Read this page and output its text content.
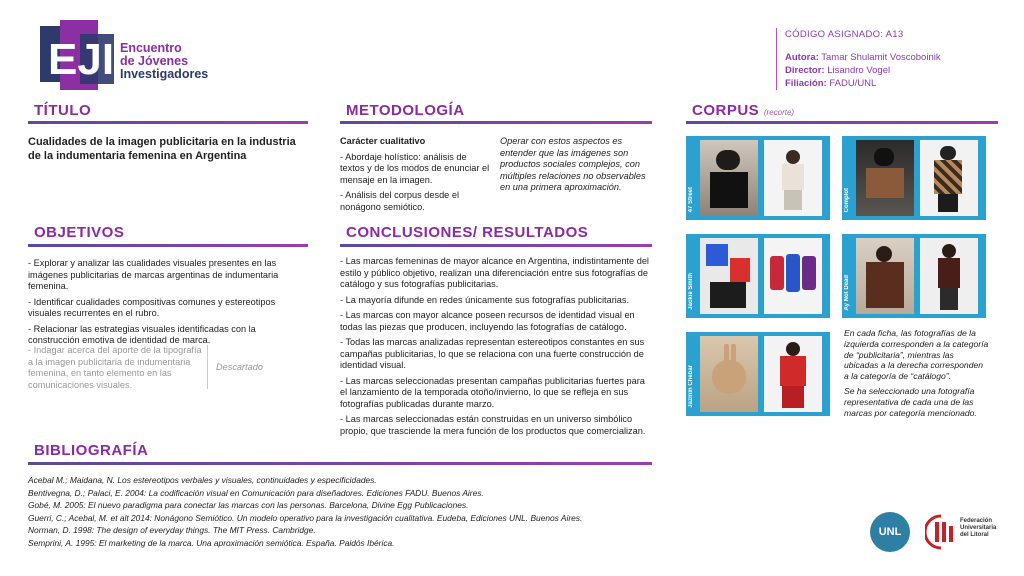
EJI Encuentro
de Jóvenes
Investigadores
CÓDIGO ASIGNADO: A13
Autora: Tamar Shulamit Voscoboinik
Director: Lisandro Vogel
Filiación: FADU/UNL
TÍTULO
Cualidades de la imagen publicitaria en la industria de la indumentaria femenina en Argentina
OBJETIVOS

- Explorar y analizar las cualidades visuales presentes en las imágenes publicitarias de marcas argentinas de indumentaria femenina.

- Identificar cualidades compositivas comunes y estereotipos visuales recurrentes en el rubro.

- Relacionar las estrategias visuales identificadas con la construcción emotiva de identidad de marca.

- Indagar acerca del aporte de la tipografía a la imagen publicitaria de indumentaria femenina, en tanto elemento en las comunicaciones visuales.
Descartado
METODOLOGÍA

Carácter cualitativo

- Abordaje holístico: análisis de textos y de los modos de enunciar el mensaje en la imagen.

- Análisis del corpus desde el nonágono semiótico.

Operar con estos aspectos es entender que las imágenes son productos sociales complejos, con múltiples relaciones no observables en una primera aproximación.
CONCLUSIONES/ RESULTADOS

- Las marcas femeninas de mayor alcance en Argentina, indistintamente del estilo y público objetivo, realizan una diferenciación entre sus fotografías de catálogo y sus fotografías publicitarias.

- La mayoría difunde en redes únicamente sus fotografías publicitarias.

- Las marcas con mayor alcance poseen recursos de identidad visual en todas las piezas que producen, incluyendo las fotografías de catálogo.

- Todas las marcas analizadas representan estereotipos constantes en sus campañas publicitarias, lo que se relaciona con una fuerte construcción de identidad visual.

- Las marcas seleccionadas presentan campañas publicitarias fuertes para el lanzamiento de la temporada otoño/invierno, lo que se refleja en sus fotografías publicadas durante marzo.

- Las marcas seleccionadas están construidas en un universo simbólico propio, que trasciende la mera función de los productos que comercializan.

CORPUS (recorte)
47 Street	Complot
Jackie Smith	Ay Not Dead
Jazmín Chebar

En cada ficha, las fotografías de la izquierda corresponden a la categoría de “publicitaria”, mientras las ubicadas a la derecha corresponden a la categoría de “catálogo”.

Se ha seleccionado una fotografía representativa de cada una de las marcas por categoría mencionado.

BIBLIOGRAFÍA
Acebal M.; Maidana, N. Los estereotipos verbales y visuales, continuidades y especificidades.
Bentivegna, D.; Palaci, E. 2004: La codificación visual en Comunicación para diseñadores. Ediciones FADU. Buenos Aires.
Gobé, M. 2005: El nuevo paradigma para conectar las marcas con las personas. Barcelona, Divine Egg Publicaciones.
Guerri, C.; Acebal, M. et alt 2014: Nonágono Semiótico. Un modelo operativo para la investigación cualitativa. Eudeba, Ediciones UNL. Buenos Aires.
Norman, D. 1998: The design of everyday things. The MIT Press. Cambridge.
Semprini, A. 1995: El marketing de la marca. Una aproximación semiótica. España. Paidós Ibérica.
UNL
Federación
Universitaria
del Litoral
